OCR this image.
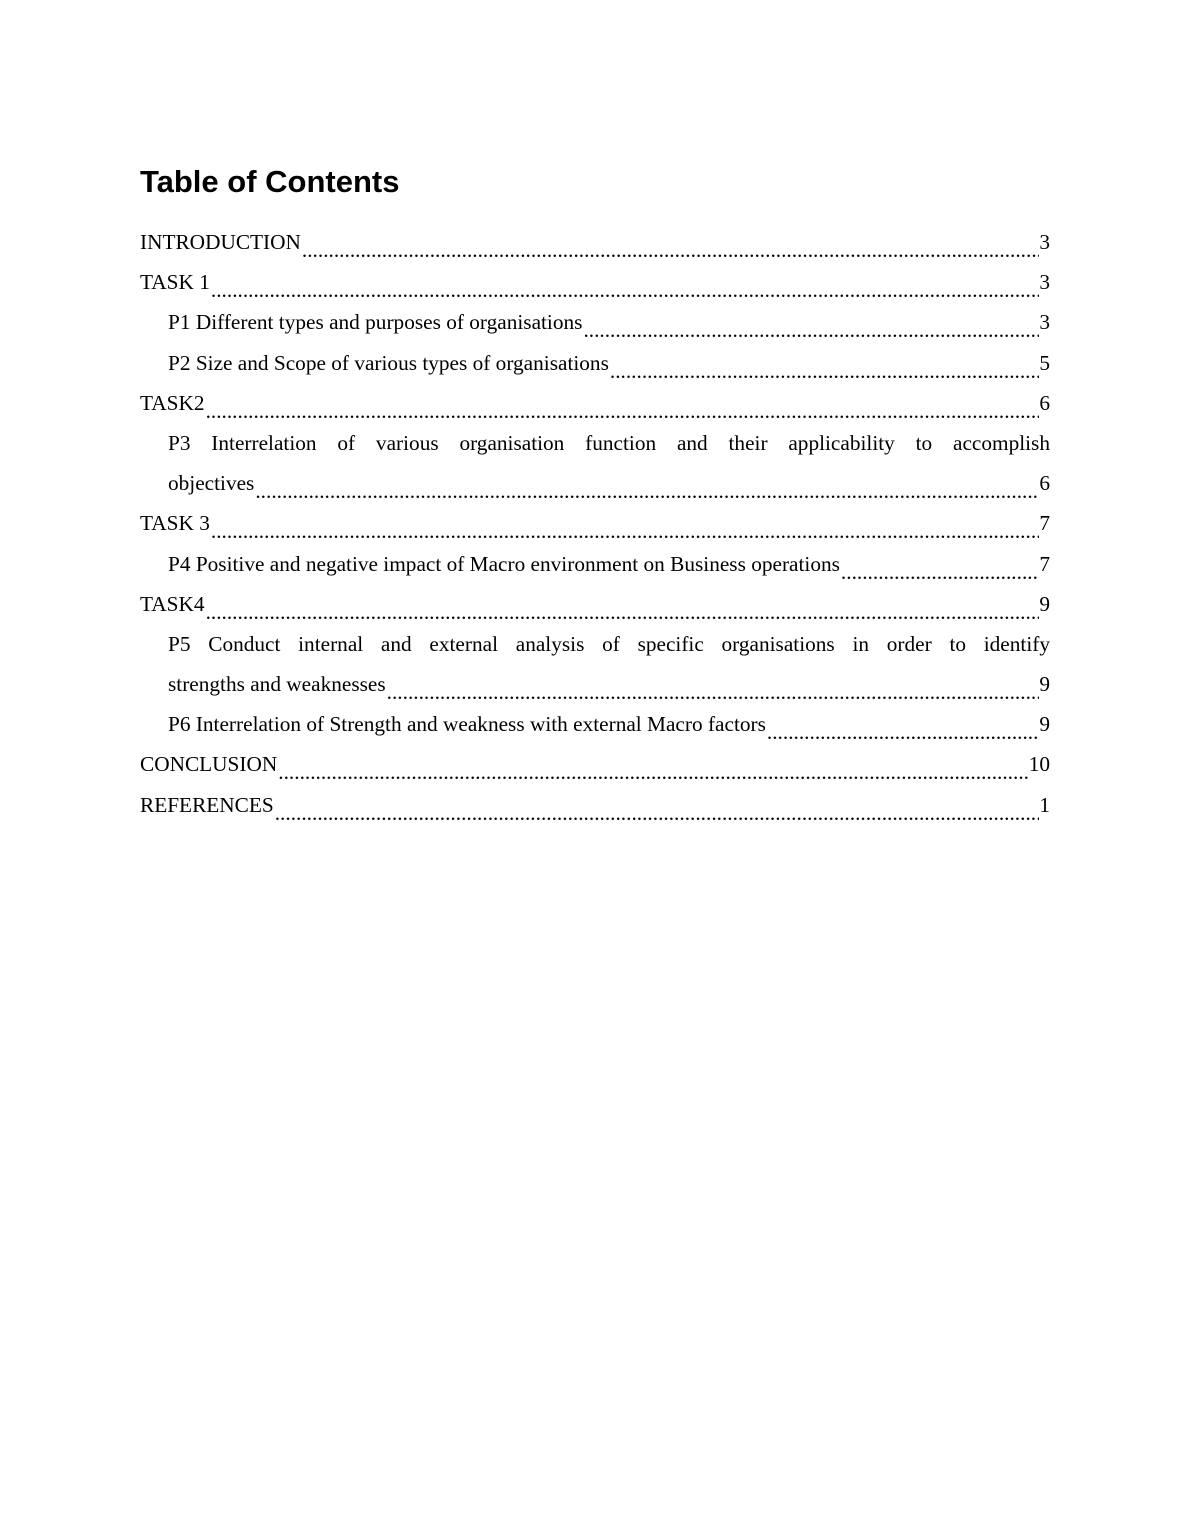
Table of Contents
INTRODUCTION .....	3
TASK 1 .....	3
P1 Different types and purposes of organisations .....	3
P2 Size and Scope of various types of organisations .....	5
TASK2 .....	6
P3 Interrelation of various organisation function and their applicability to accomplish
objectives .....	6
TASK 3 .....	7
P4 Positive and negative impact of Macro environment on Business operations .....	7
TASK4 .....	9
P5 Conduct internal and external analysis of specific organisations in order to identify
strengths and weaknesses .....	9
P6 Interrelation of Strength and weakness with external Macro factors .....	9
CONCLUSION .....	10
REFERENCES .....	1
